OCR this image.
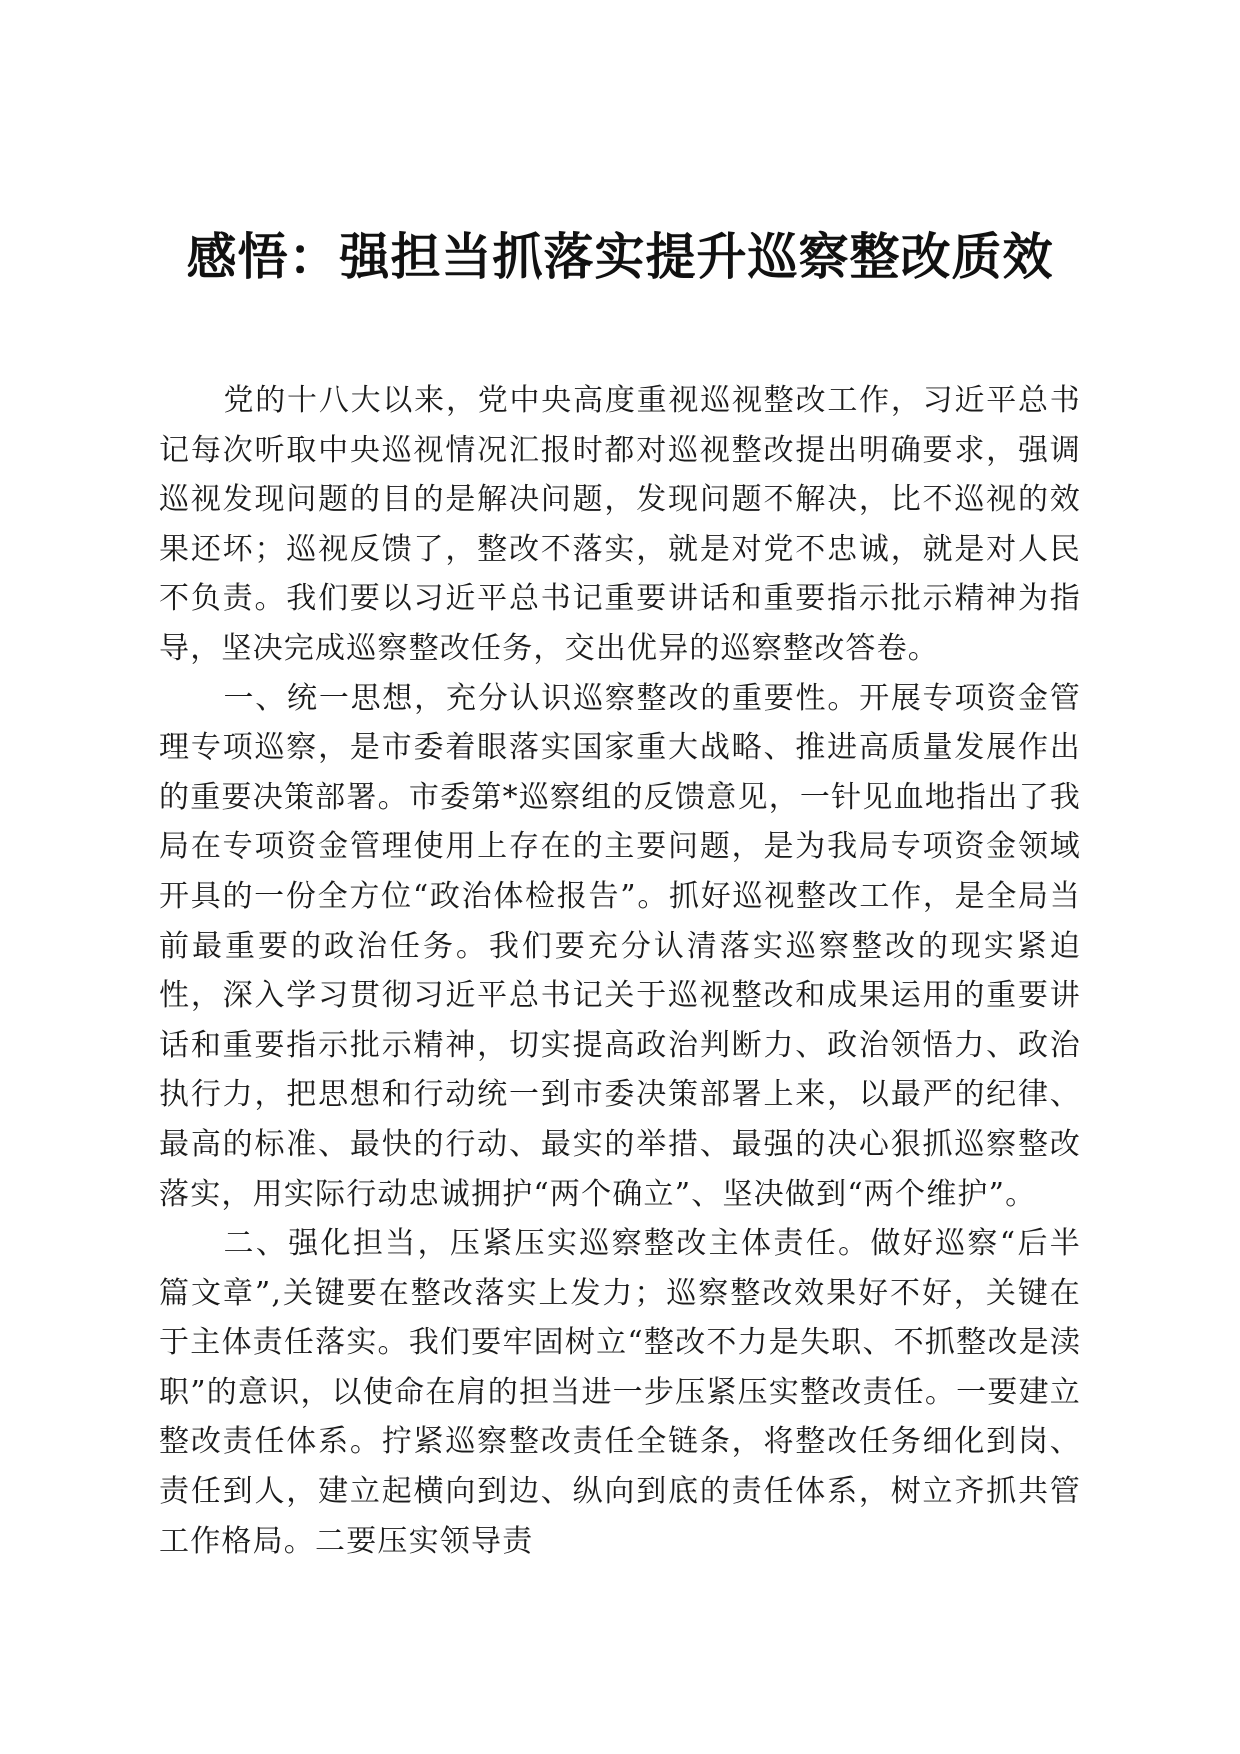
感悟：强担当抓落实提升巡察整改质效

党的十八大以来，党中央高度重视巡视整改工作，习近平总书记每次听取中央巡视情况汇报时都对巡视整改提出明确要求，强调巡视发现问题的目的是解决问题，发现问题不解决，比不巡视的效果还坏；巡视反馈了，整改不落实，就是对党不忠诚，就是对人民不负责。我们要以习近平总书记重要讲话和重要指示批示精神为指导，坚决完成巡察整改任务，交出优异的巡察整改答卷。

一、统一思想，充分认识巡察整改的重要性。开展专项资金管理专项巡察，是市委着眼落实国家重大战略、推进高质量发展作出的重要决策部署。市委第*巡察组的反馈意见，一针见血地指出了我局在专项资金管理使用上存在的主要问题，是为我局专项资金领域开具的一份全方位“政治体检报告”。抓好巡视整改工作，是全局当前最重要的政治任务。我们要充分认清落实巡察整改的现实紧迫性，深入学习贯彻习近平总书记关于巡视整改和成果运用的重要讲话和重要指示批示精神，切实提高政治判断力、政治领悟力、政治执行力，把思想和行动统一到市委决策部署上来，以最严的纪律、最高的标准、最快的行动、最实的举措、最强的决心狠抓巡察整改落实，用实际行动忠诚拥护“两个确立”、坚决做到“两个维护”。

二、强化担当，压紧压实巡察整改主体责任。做好巡察“后半篇文章”,关键要在整改落实上发力；巡察整改效果好不好，关键在于主体责任落实。我们要牢固树立“整改不力是失职、不抓整改是渎职”的意识，以使命在肩的担当进一步压紧压实整改责任。一要建立整改责任体系。拧紧巡察整改责任全链条，将整改任务细化到岗、责任到人，建立起横向到边、纵向到底的责任体系，树立齐抓共管工作格局。二要压实领导责
